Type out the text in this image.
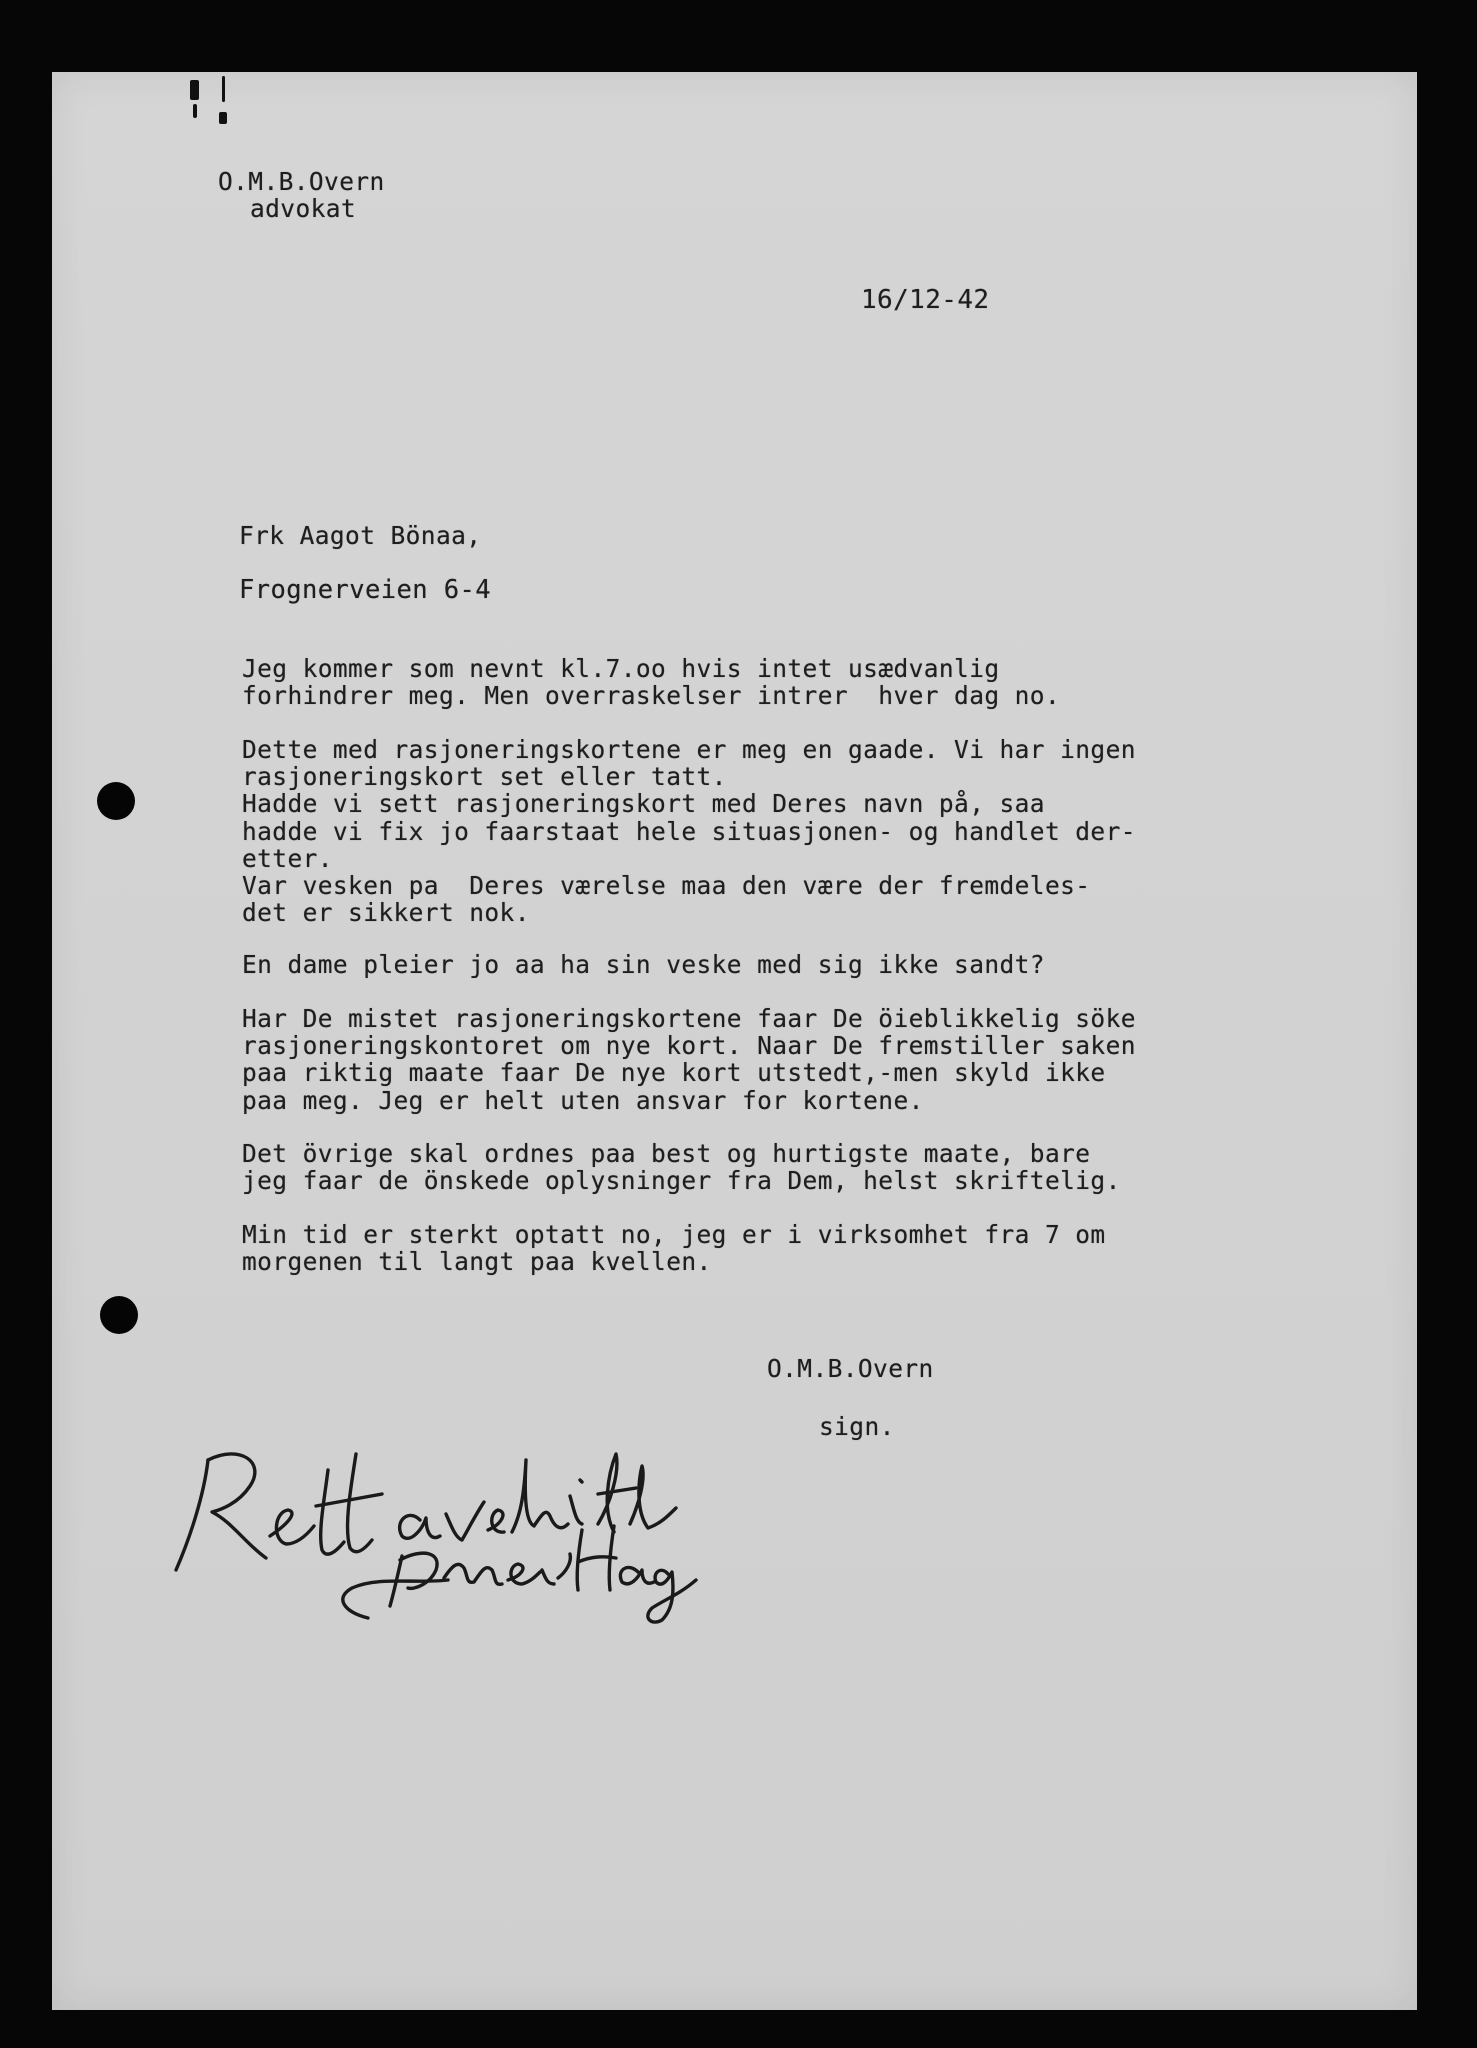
O.M.B.Overn

advokat

16/12-42

Frk Aagot Bönaa,

Frognerveien 6-4

Jeg kommer som nevnt kl.7.oo hvis intet usædvanlig
forhindrer meg. Men overraskelser intrer  hver dag no.

Dette med rasjoneringskortene er meg en gaade. Vi har ingen
rasjoneringskort set eller tatt.
Hadde vi sett rasjoneringskort med Deres navn på, saa
hadde vi fix jo faarstaat hele situasjonen- og handlet der-
etter.
Var vesken pa  Deres værelse maa den være der fremdeles-
det er sikkert nok.

En dame pleier jo aa ha sin veske med sig ikke sandt?

Har De mistet rasjoneringskortene faar De öieblikkelig söke
rasjoneringskontoret om nye kort. Naar De fremstiller saken
paa riktig maate faar De nye kort utstedt,-men skyld ikke
paa meg. Jeg er helt uten ansvar for kortene.

Det övrige skal ordnes paa best og hurtigste maate, bare
jeg faar de önskede oplysninger fra Dem, helst skriftelig.

Min tid er sterkt optatt no, jeg er i virksomhet fra 7 om
morgenen til langt paa kvellen.

O.M.B.Overn

sign.
